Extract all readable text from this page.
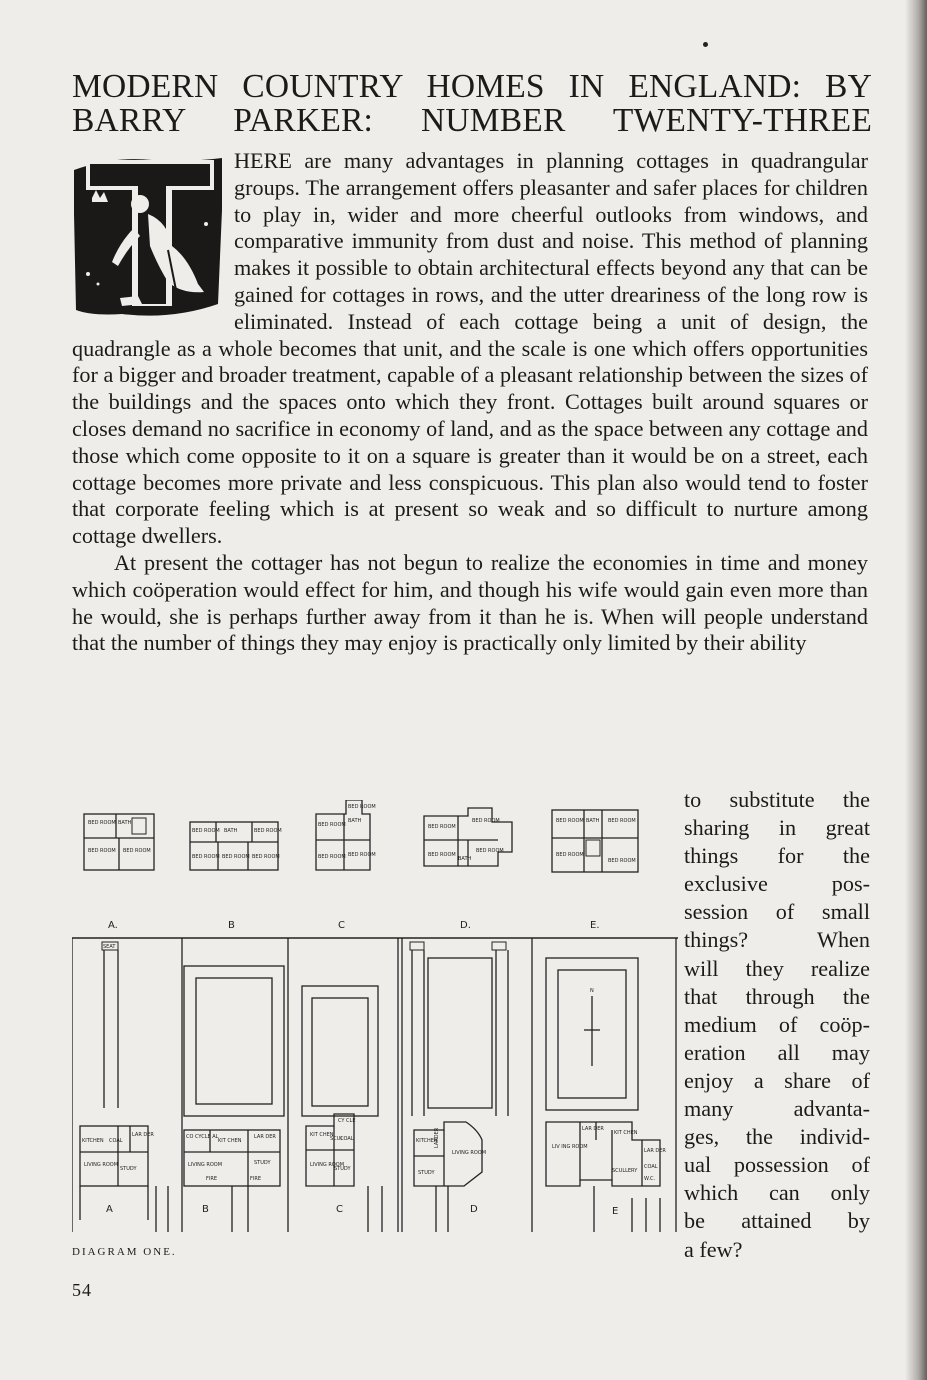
MODERN COUNTRY HOMES IN ENGLAND: BY
BARRY PARKER: NUMBER TWENTY-THREE

HERE are many advantages in planning cottages in quadrangular groups. The arrangement offers pleasanter and safer places for children to play in, wider and more cheerful outlooks from windows, and comparative immunity from dust and noise. This method of planning makes it possible to obtain architectural effects beyond any that can be gained for cottages in rows, and the utter dreariness of the long row is eliminated. Instead of each cottage being a unit of design, the quadrangle as a whole becomes that unit, and the scale is one which offers opportunities for a bigger and broader treatment, capable of a pleasant relationship between the sizes of the buildings and the spaces onto which they front. Cottages built around squares or closes demand no sacrifice in economy of land, and as the space between any cottage and those which come opposite to it on a square is greater than it would be on a street, each cottage becomes more private and less conspicuous. This plan also would tend to foster that corporate feeling which is at present so weak and so difficult to nurture among cottage dwellers.

At present the cottager has not begun to realize the economies in time and money which coöperation would effect for him, and though his wife would gain even more than he would, she is perhaps further away from it than he is. When will people understand that the number of things they may enjoy is practically only limited by their ability

to substitute the
sharing in great
things for the
exclusive pos-
session of small
things? When
will they realize
that through the
medium of coöp-
eration all may
enjoy a share of
many advanta-
ges, the individ-
ual possession of
which can only
be attained by
a few?
BED ROOM BATH
BED ROOM BED ROOM
BED ROOM BATH	BED ROOM
BED ROOM BED ROOM BED ROOM
BED ROOM
BATH
BED ROOM
BED ROOM BED ROOM
BED ROOM
BED ROOM
BED ROOM
BATH
BED ROOM
BED ROOM BATH BED ROOM
BED ROOM
BED ROOM
A.	B	C	D.	E.
SEAT
KITCHEN COAL
LAR DER
LIVING ROOM
STUDY
A
CO CYCLE AL
KIT CHEN
LAR DER
LIVING ROOM	STUDY
FIRE	FIRE
B
KIT CHEN
SCUL
CY CLE
COAL
LIVING ROOM
STUDY
C
KITCHEN
LARDER
LIVING ROOM
STUDY
D
N
LIV ING ROOM
LAR DER
KIT CHEN
SCULLERY
LAR DER
COAL
W.C.
E
DIAGRAM ONE.
54
